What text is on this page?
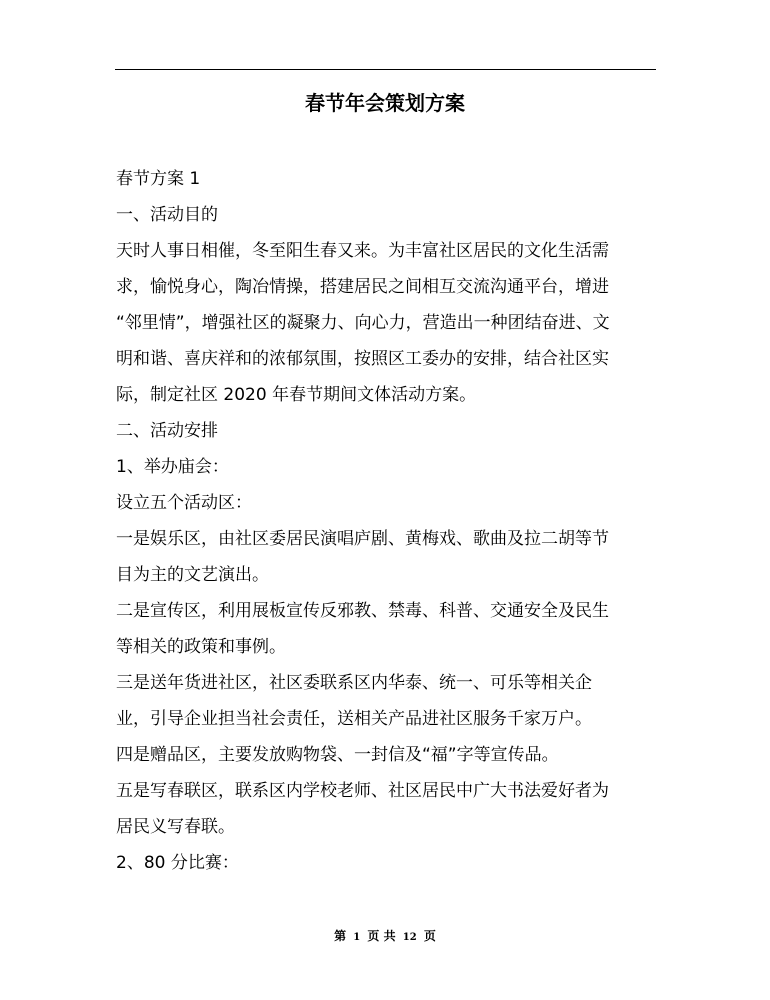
春节年会策划方案

春节方案 1

一、活动目的

天时人事日相催，冬至阳生春又来。为丰富社区居民的文化生活需

求，愉悦身心，陶冶情操，搭建居民之间相互交流沟通平台，增进

“邻里情”，增强社区的凝聚力、向心力，营造出一种团结奋进、文

明和谐、喜庆祥和的浓郁氛围，按照区工委办的安排，结合社区实

际，制定社区 2020 年春节期间文体活动方案。

二、活动安排

1、举办庙会：

设立五个活动区：

一是娱乐区，由社区委居民演唱庐剧、黄梅戏、歌曲及拉二胡等节

目为主的文艺演出。

二是宣传区，利用展板宣传反邪教、禁毒、科普、交通安全及民生

等相关的政策和事例。

三是送年货进社区，社区委联系区内华泰、统一、可乐等相关企

业，引导企业担当社会责任，送相关产品进社区服务千家万户。

四是赠品区，主要发放购物袋、一封信及“福”字等宣传品。

五是写春联区，联系区内学校老师、社区居民中广大书法爱好者为

居民义写春联。

2、80 分比赛：

第 1 页 共 12 页
